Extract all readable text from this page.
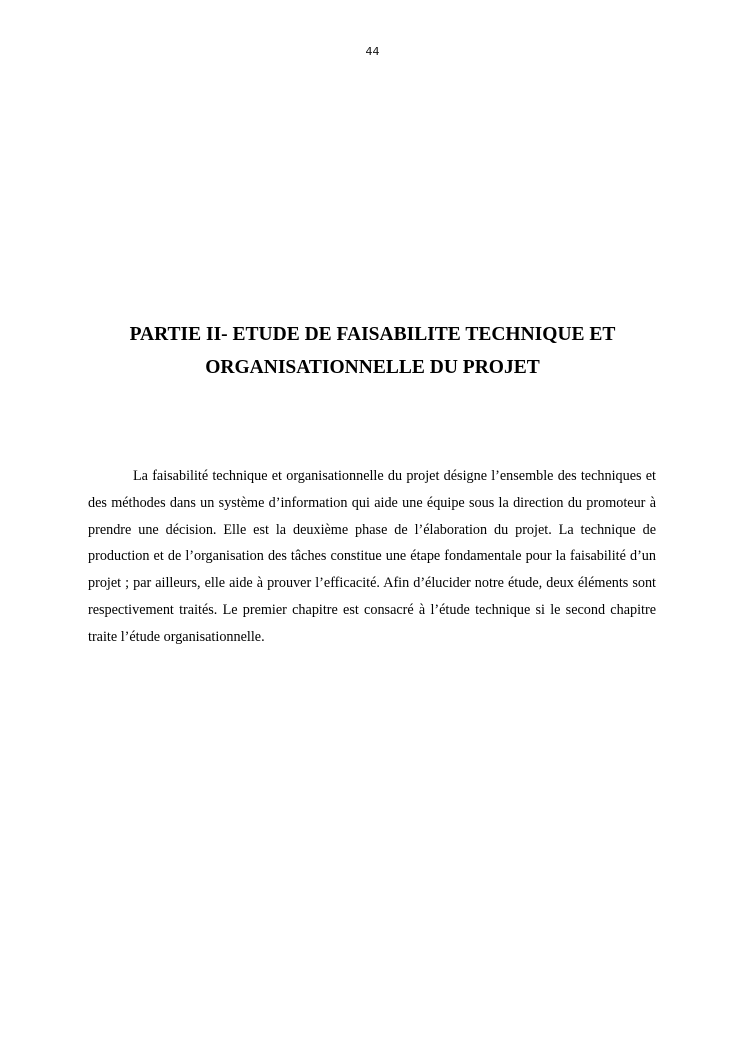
44
PARTIE II- ETUDE DE FAISABILITE TECHNIQUE ET
ORGANISATIONNELLE DU PROJET

La faisabilité technique et organisationnelle du projet désigne l’ensemble des techniques et des méthodes dans un système d’information qui aide une équipe sous la direction du promoteur à prendre une décision. Elle est la deuxième phase de l’élaboration du projet. La technique de production et de l’organisation des tâches constitue une étape fondamentale pour la faisabilité d’un projet ; par ailleurs, elle aide à prouver l’efficacité. Afin d’élucider notre étude, deux éléments sont respectivement traités. Le premier chapitre est consacré à l’étude technique si le second chapitre traite l’étude organisationnelle.
